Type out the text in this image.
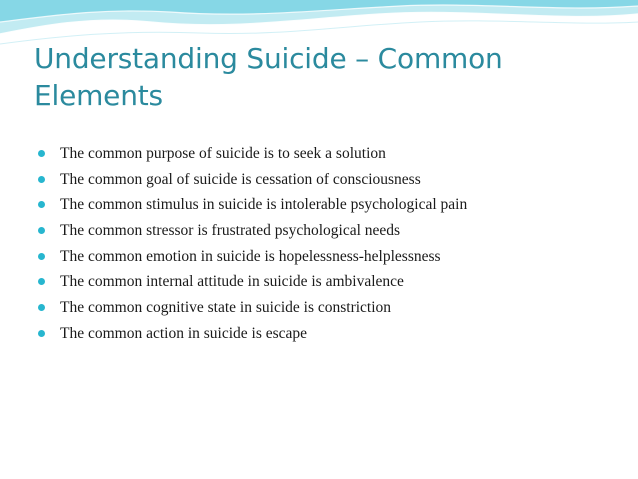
Understanding Suicide – Common Elements
The common purpose of suicide is to seek a solution
The common goal of suicide is cessation of consciousness
The common stimulus in suicide is intolerable psychological pain
The common stressor is frustrated psychological needs
The common emotion in suicide is hopelessness-helplessness
The common internal attitude in suicide is ambivalence
The common cognitive state in suicide is constriction
The common action in suicide is escape
